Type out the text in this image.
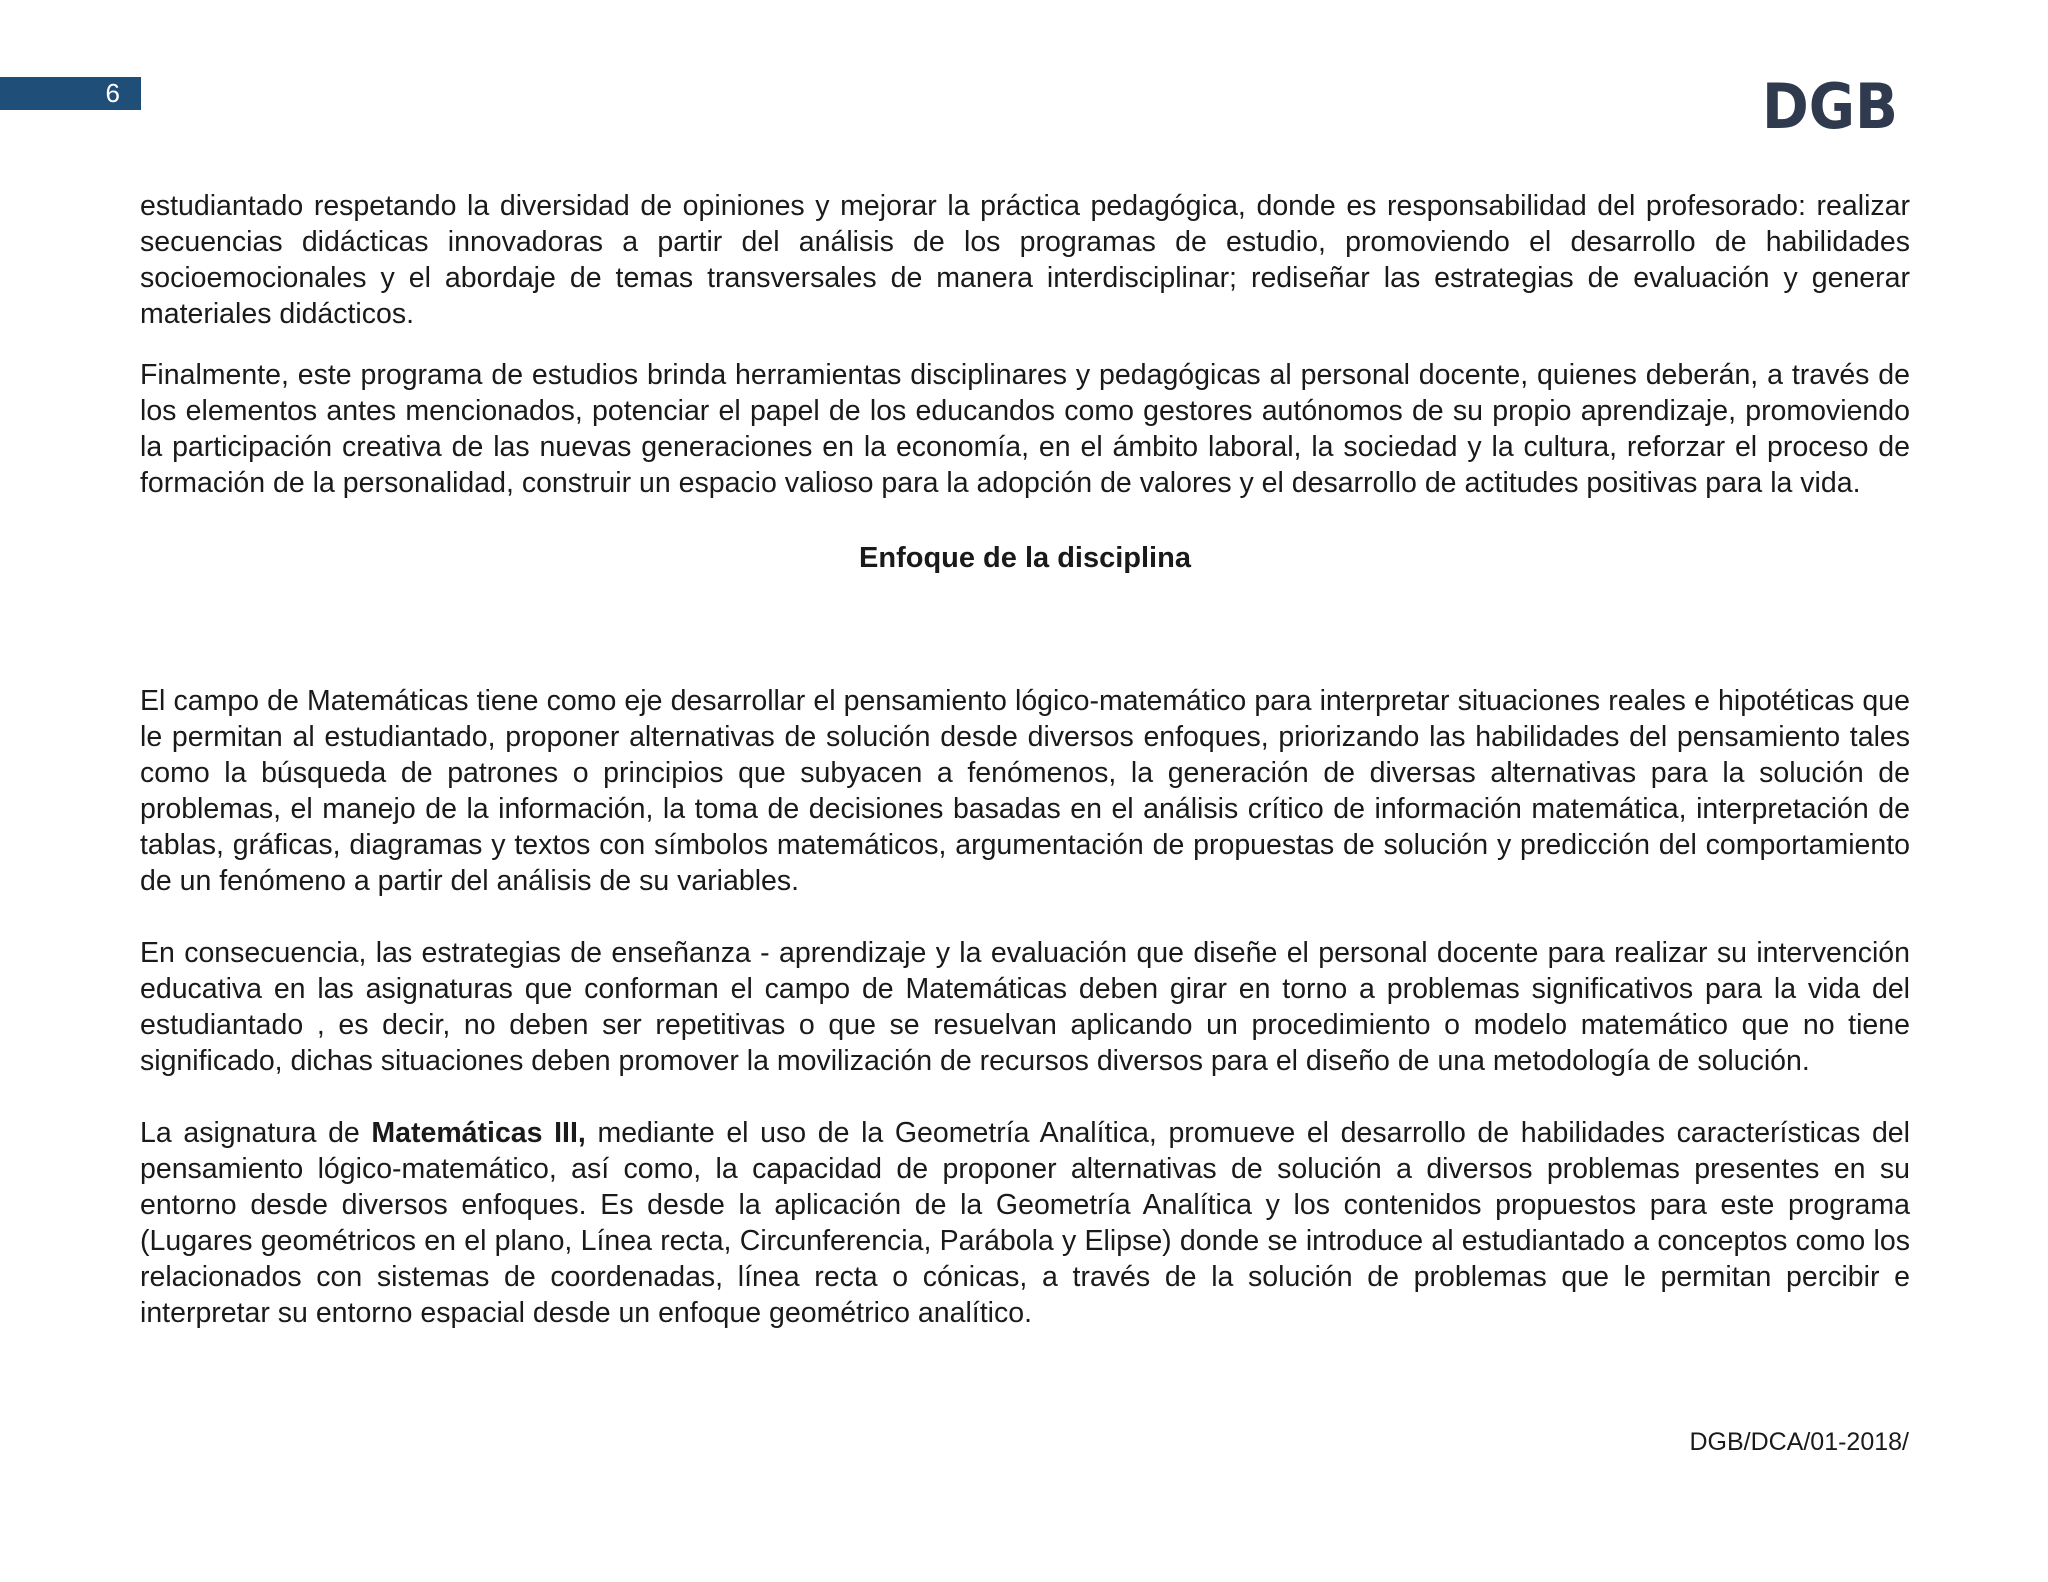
6	DGB

estudiantado respetando la diversidad de opiniones y mejorar la práctica pedagógica, donde es responsabilidad del profesorado: realizar secuencias didácticas innovadoras a partir del análisis de los programas de estudio, promoviendo el desarrollo de habilidades socioemocionales y el abordaje de temas transversales de manera interdisciplinar; rediseñar las estrategias de evaluación y generar materiales didácticos.

Finalmente, este programa de estudios brinda herramientas disciplinares y pedagógicas al personal docente, quienes deberán, a través de los elementos antes mencionados, potenciar el papel de los educandos como gestores autónomos de su propio aprendizaje, promoviendo la participación creativa de las nuevas generaciones en la economía, en el ámbito laboral, la sociedad y la cultura, reforzar el proceso de formación de la personalidad, construir un espacio valioso para la adopción de valores y el desarrollo de actitudes positivas para la vida.

Enfoque de la disciplina

El campo de Matemáticas tiene como eje desarrollar el pensamiento lógico-matemático para interpretar situaciones reales e hipotéticas que le permitan al estudiantado, proponer alternativas de solución desde diversos enfoques, priorizando las habilidades del pensamiento tales como la búsqueda de patrones o principios que subyacen a fenómenos, la generación de diversas alternativas para la solución de problemas, el manejo de la información, la toma de decisiones basadas en el análisis crítico de información matemática, interpretación de tablas, gráficas, diagramas y textos con símbolos matemáticos, argumentación de propuestas de solución y predicción del comportamiento de un fenómeno a partir del análisis de su variables.

En consecuencia, las estrategias de enseñanza - aprendizaje y la evaluación que diseñe el personal docente para realizar su intervención educativa en las asignaturas que conforman el campo de Matemáticas deben girar en torno a problemas significativos para la vida del estudiantado , es decir, no deben ser repetitivas o que se resuelvan aplicando un procedimiento o modelo matemático que no tiene significado, dichas situaciones deben promover la movilización de recursos diversos para el diseño de una metodología de solución.

La asignatura de Matemáticas III, mediante el uso de la Geometría Analítica, promueve el desarrollo de habilidades características del pensamiento lógico-matemático, así como, la capacidad de proponer alternativas de solución a diversos problemas presentes en su entorno desde diversos enfoques. Es desde la aplicación de la Geometría Analítica y los contenidos propuestos para este programa (Lugares geométricos en el plano, Línea recta, Circunferencia, Parábola y Elipse) donde se introduce al estudiantado a conceptos como los relacionados con sistemas de coordenadas, línea recta o cónicas, a través de la solución de problemas que le permitan percibir e interpretar su entorno espacial desde un enfoque geométrico analítico.

DGB/DCA/01-2018/
